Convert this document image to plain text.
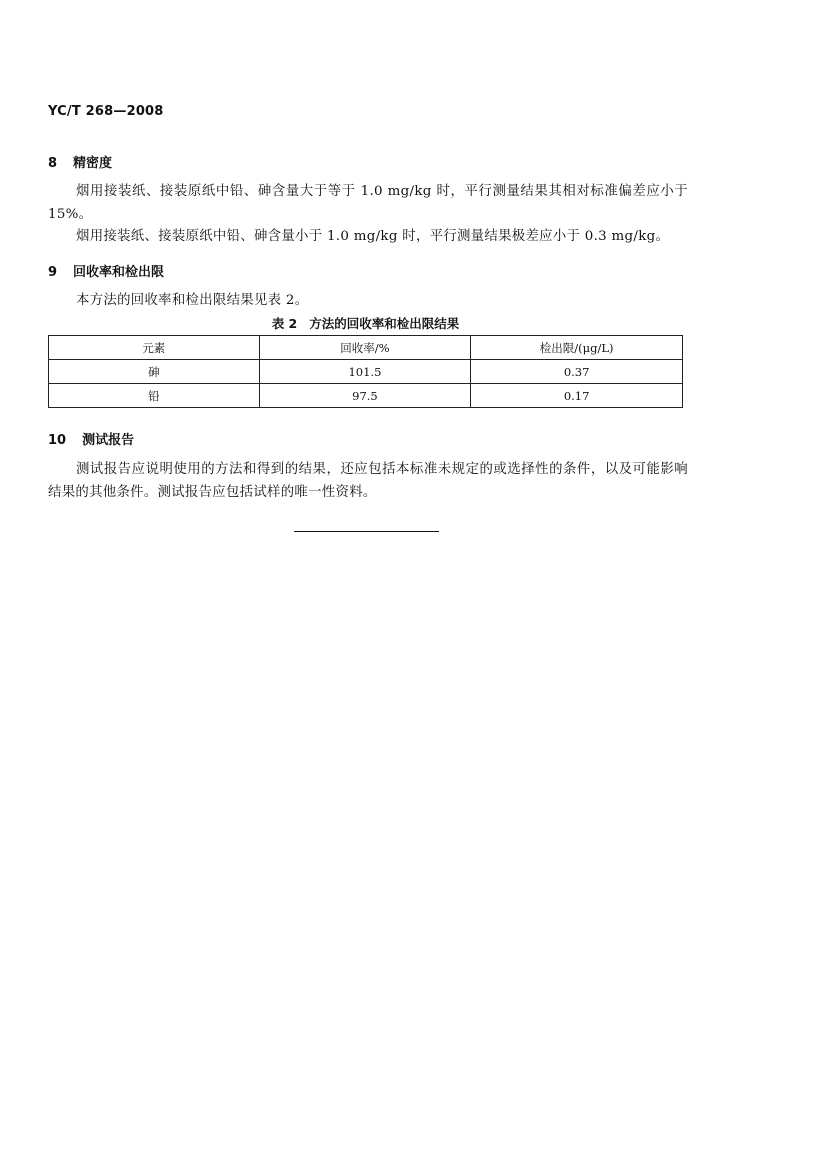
YC/T 268—2008
8 精密度

烟用接装纸、接装原纸中铅、砷含量大于等于 1.0 mg/kg 时，平行测量结果其相对标准偏差应小于 15%。

烟用接装纸、接装原纸中铅、砷含量小于 1.0 mg/kg 时，平行测量结果极差应小于 0.3 mg/kg。

9 回收率和检出限

本方法的回收率和检出限结果见表 2。

表 2 方法的回收率和检出限结果
元素	回收率/%	检出限/(μg/L)
砷	101.5	0.37
铅	97.5	0.17
10 测试报告

测试报告应说明使用的方法和得到的结果，还应包括本标准未规定的或选择性的条件，以及可能影响结果的其他条件。测试报告应包括试样的唯一性资料。
